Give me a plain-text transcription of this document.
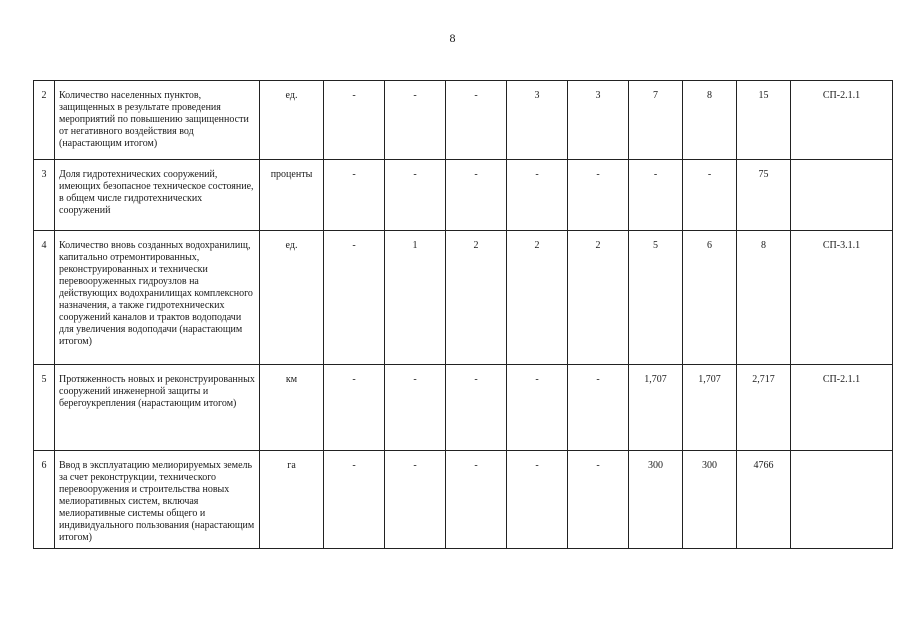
8
2	Количество населенных пунктов, защищенных в результате проведения мероприятий по повышению защищенности от негативного воздействия вод (нарастающим итогом)	ед.	-	-	-	3	3	7	8	15	СП-2.1.1
3	Доля гидротехнических сооружений, имеющих безопасное техническое состояние, в общем числе гидротехнических сооружений	проценты	-	-	-	-	-	-	-	75	
4	Количество вновь созданных водохранилищ, капитально отремонтированных, реконструированных и технически перевооруженных гидроузлов на действующих водохранилищах комплексного назначения, а также гидротехнических сооружений каналов и трактов водоподачи для увеличения водоподачи (нарастающим итогом)	ед.	-	1	2	2	2	5	6	8	СП-3.1.1
5	Протяженность новых и реконструированных сооружений инженерной защиты и берегоукрепления (нарастающим итогом)	км	-	-	-	-	-	1,707	1,707	2,717	СП-2.1.1
6	Ввод в эксплуатацию мелиорируемых земель за счет реконструкции, технического перевооружения и строительства новых мелиоративных систем, включая мелиоративные системы общего и индивидуального пользования (нарастающим итогом)	га	-	-	-	-	-	300	300	4766	
